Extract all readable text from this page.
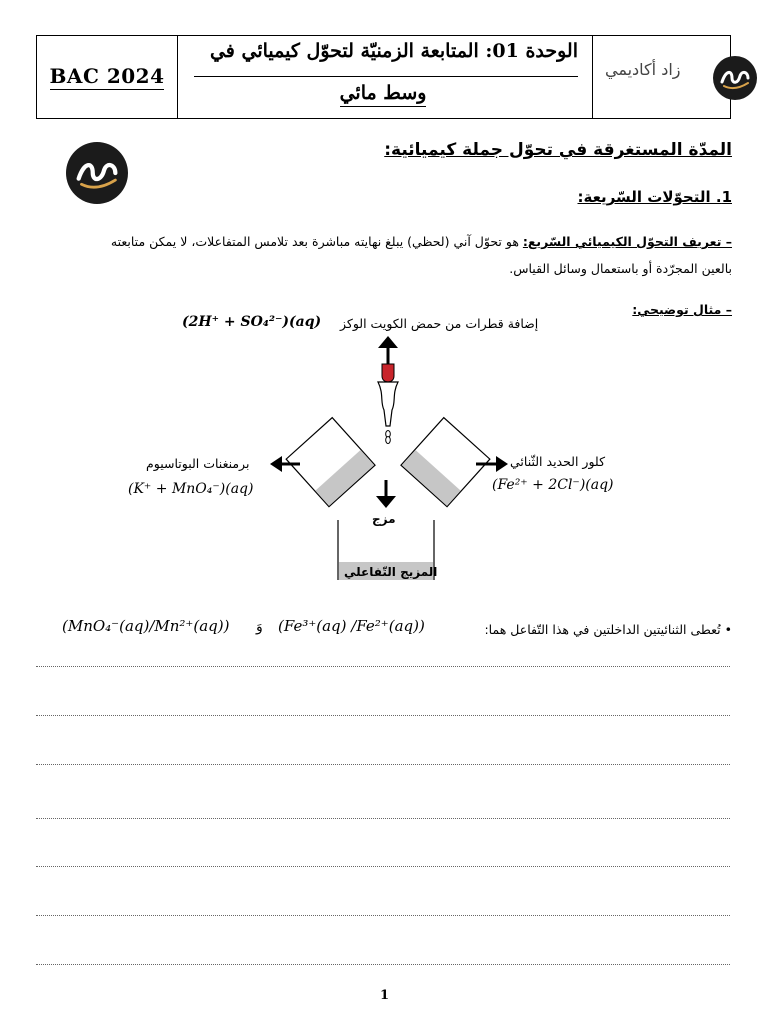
BAC 2024
الوحدة 01: المتابعة الزمنيّة لتحوّل كيميائي في
وسط مائي
زاد أكاديمي
المدّة المستغرقة في تحوّل جملة كيميائية:
1. التحوّلات السّريعة:
– تعريف التحوّل الكيميائي السّريع: هو تحوّل آني (لحظي) يبلغ نهايته مباشرة بعد تلامس المتفاعلات، لا يمكن متابعته
بالعين المجرّدة أو باستعمال وسائل القياس.
– مثال توضيحي:
إضافة قطرات من حمض الكويت الوكز
(2H⁺ + SO₄²⁻)(aq)
برمنغنات البوتاسيوم
(K⁺ + MnO₄⁻)(aq)
كلور الحديد الثّنائي
(Fe²⁺ + 2Cl⁻)(aq)
مزج
المزيج التّفاعلي
• تُعطى الثنائيتين الداخلتين في هذا التّفاعل هما:
(Fe³⁺(aq) /Fe²⁺(aq))
وَ
(MnO₄⁻(aq)/Mn²⁺(aq))
1
